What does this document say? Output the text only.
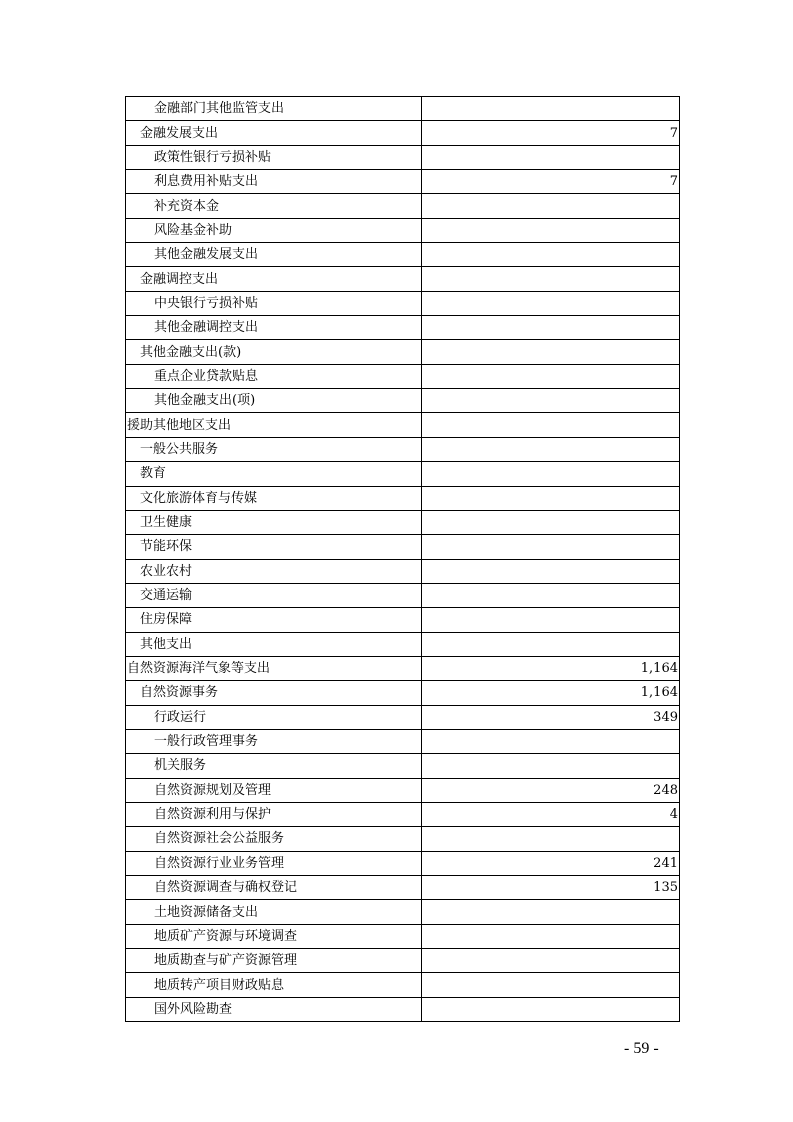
金融部门其他监管支出	
金融发展支出	7
政策性银行亏损补贴	
利息费用补贴支出	7
补充资本金	
风险基金补助	
其他金融发展支出	
金融调控支出	
中央银行亏损补贴	
其他金融调控支出	
其他金融支出(款)	
重点企业贷款贴息	
其他金融支出(项)	
援助其他地区支出	
一般公共服务	
教育	
文化旅游体育与传媒	
卫生健康	
节能环保	
农业农村	
交通运输	
住房保障	
其他支出	
自然资源海洋气象等支出	1,164
自然资源事务	1,164
行政运行	349
一般行政管理事务	
机关服务	
自然资源规划及管理	248
自然资源利用与保护	4
自然资源社会公益服务	
自然资源行业业务管理	241
自然资源调查与确权登记	135
土地资源储备支出	
地质矿产资源与环境调查	
地质勘查与矿产资源管理	
地质转产项目财政贴息	
国外风险勘查	
- 59 -
